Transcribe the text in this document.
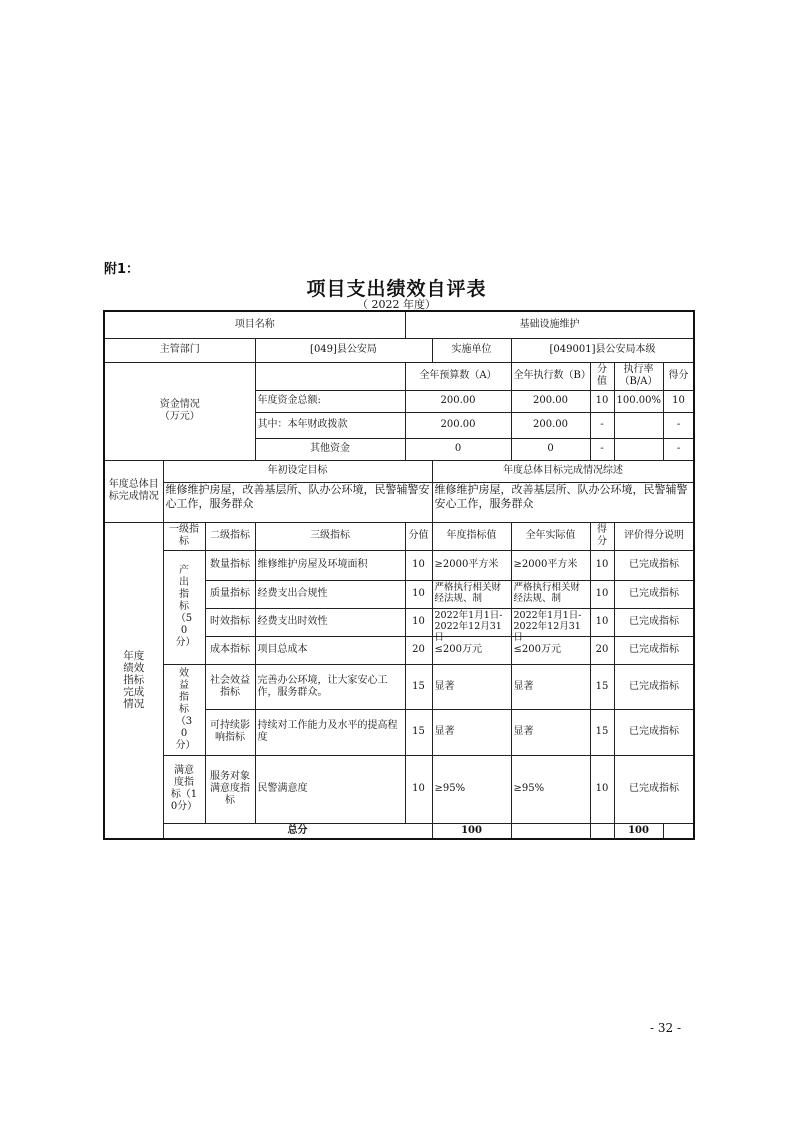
附1：
项目支出绩效自评表
（ 2022 年度）
项目名称				基础设施维护					
主管部门			[049]县公安局		实施单位	[049001]县公安局本级			

资金情况
（万元）				全年预算数（A）		全年执行数（B）	分值	执行率（B/A）	得分
			年度资金总额:	200.00		200.00	10	100.00%	10
			其中：本年财政拨款	200.00		200.00	-		-
			其他资金	0		0	-		-
年度总体目标完成情况	年初设定目标				年度总体目标完成情况综述				
	维修维护房屋，改善基层所、队办公环境，民警辅警安心工作，服务群众				维修维护房屋，改善基层所、队办公环境，民警辅警安心工作，服务群众				
年度绩效指标完成情况	一级指标	二级指标	三级指标	分值	年度指标值	全年实际值	得分	评价得分说明	
	产出指标（50分）	数量指标	维修维护房屋及环境面积	10	≥2000平方米	≥2000平方米	10	已完成指标	
		质量指标	经费支出合规性	10	严格执行相关财经法规、制	严格执行相关财经法规、制	10	已完成指标	
		时效指标	经费支出时效性	10	2022年1月1日-2022年12月31日	2022年1月1日-2022年12月31日	10	已完成指标	
		成本指标	项目总成本	20	≤200万元	≤200万元	20	已完成指标	
	效益指标（30分）	社会效益指标	完善办公环境，让大家安心工作，服务群众。	15	显著	显著	15	已完成指标	
		可持续影响指标	持续对工作能力及水平的提高程度	15	显著	显著	15	已完成指标	
	满意度指标（10分）	服务对象满意度指标	民警满意度	10	≥95%	≥95%	10	已完成指标	
	总分				100			100	
- 32 -
